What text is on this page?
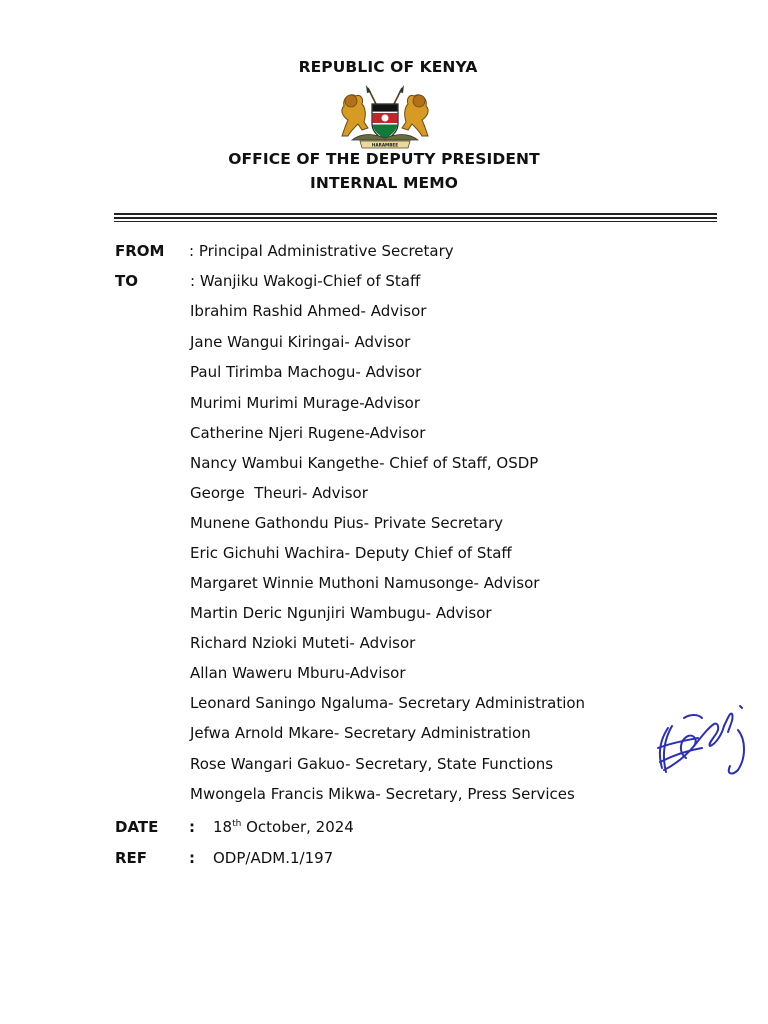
REPUBLIC OF KENYA
HARAMBEE
OFFICE OF THE DEPUTY PRESIDENT
INTERNAL MEMO
FROM : Principal Administrative Secretary
TO	: Wanjiku Wakogi-Chief of Staff
Ibrahim Rashid Ahmed- Advisor
Jane Wangui Kiringai- Advisor
Paul Tirimba Machogu- Advisor
Murimi Murimi Murage-Advisor
Catherine Njeri Rugene-Advisor
Nancy Wambui Kangethe- Chief of Staff, OSDP
George  Theuri- Advisor
Munene Gathondu Pius- Private Secretary
Eric Gichuhi Wachira- Deputy Chief of Staff
Margaret Winnie Muthoni Namusonge- Advisor
Martin Deric Ngunjiri Wambugu- Advisor
Richard Nzioki Muteti- Advisor
Allan Waweru Mburu-Advisor
Leonard Saningo Ngaluma- Secretary Administration
Jefwa Arnold Mkare- Secretary Administration
Rose Wangari Gakuo- Secretary, State Functions
Mwongela Francis Mikwa- Secretary, Press Services
DATE : 18th October, 2024
REF	: ODP/ADM.1/197
